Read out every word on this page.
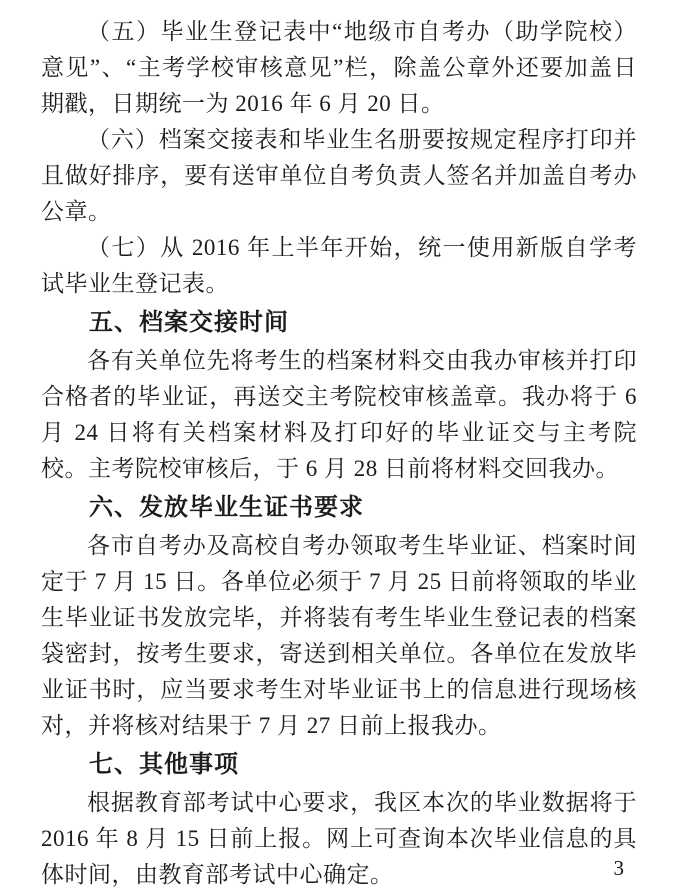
（五）毕业生登记表中“地级市自考办（助学院校）意见”、“主考学校审核意见”栏，除盖公章外还要加盖日期戳，日期统一为 2016 年 6 月 20 日。

（六）档案交接表和毕业生名册要按规定程序打印并且做好排序，要有送审单位自考负责人签名并加盖自考办公章。

（七）从 2016 年上半年开始，统一使用新版自学考试毕业生登记表。

五、档案交接时间

各有关单位先将考生的档案材料交由我办审核并打印合格者的毕业证，再送交主考院校审核盖章。我办将于 6 月 24 日将有关档案材料及打印好的毕业证交与主考院校。主考院校审核后，于 6 月 28 日前将材料交回我办。

六、发放毕业生证书要求

各市自考办及高校自考办领取考生毕业证、档案时间定于 7 月 15 日。各单位必须于 7 月 25 日前将领取的毕业生毕业证书发放完毕，并将装有考生毕业生登记表的档案袋密封，按考生要求，寄送到相关单位。各单位在发放毕业证书时，应当要求考生对毕业证书上的信息进行现场核对，并将核对结果于 7 月 27 日前上报我办。

七、其他事项

根据教育部考试中心要求，我区本次的毕业数据将于 2016 年 8 月 15 日前上报。网上可查询本次毕业信息的具体时间，由教育部考试中心确定。	3
